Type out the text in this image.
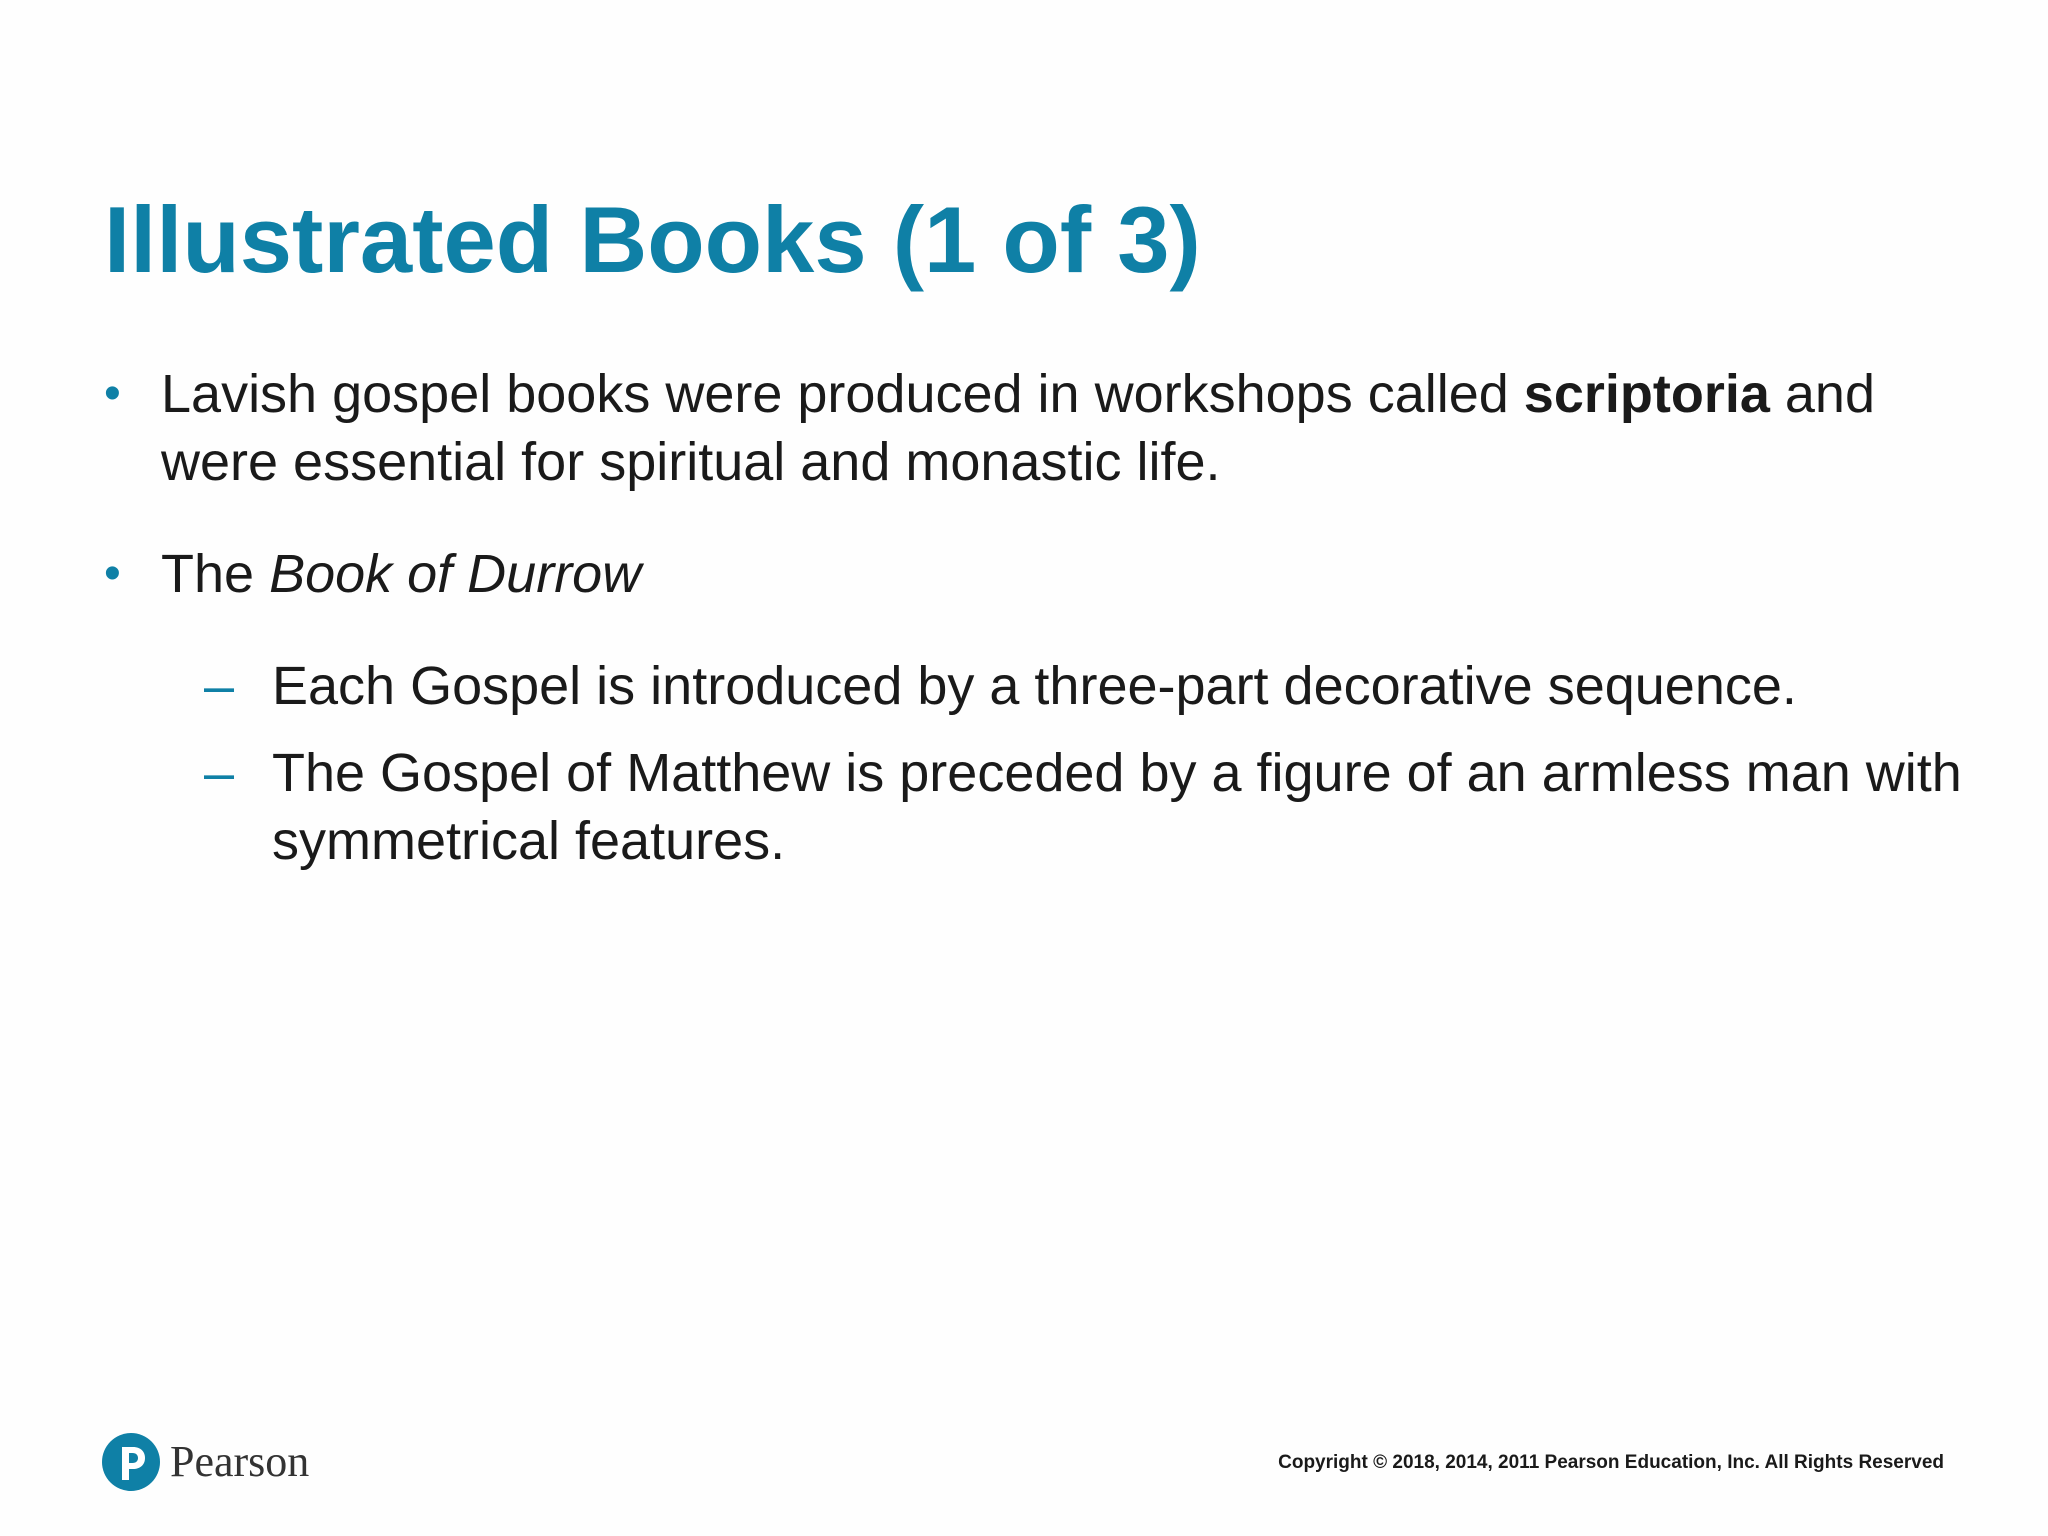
Illustrated Books (1 of 3)
• Lavish gospel books were produced in workshops called scriptoria and were essential for spiritual and monastic life.
• The Book of Durrow
– Each Gospel is introduced by a three-part decorative sequence.
– The Gospel of Matthew is preceded by a figure of an armless man with symmetrical features.
Pearson	Copyright © 2018, 2014, 2011 Pearson Education, Inc. All Rights Reserved
